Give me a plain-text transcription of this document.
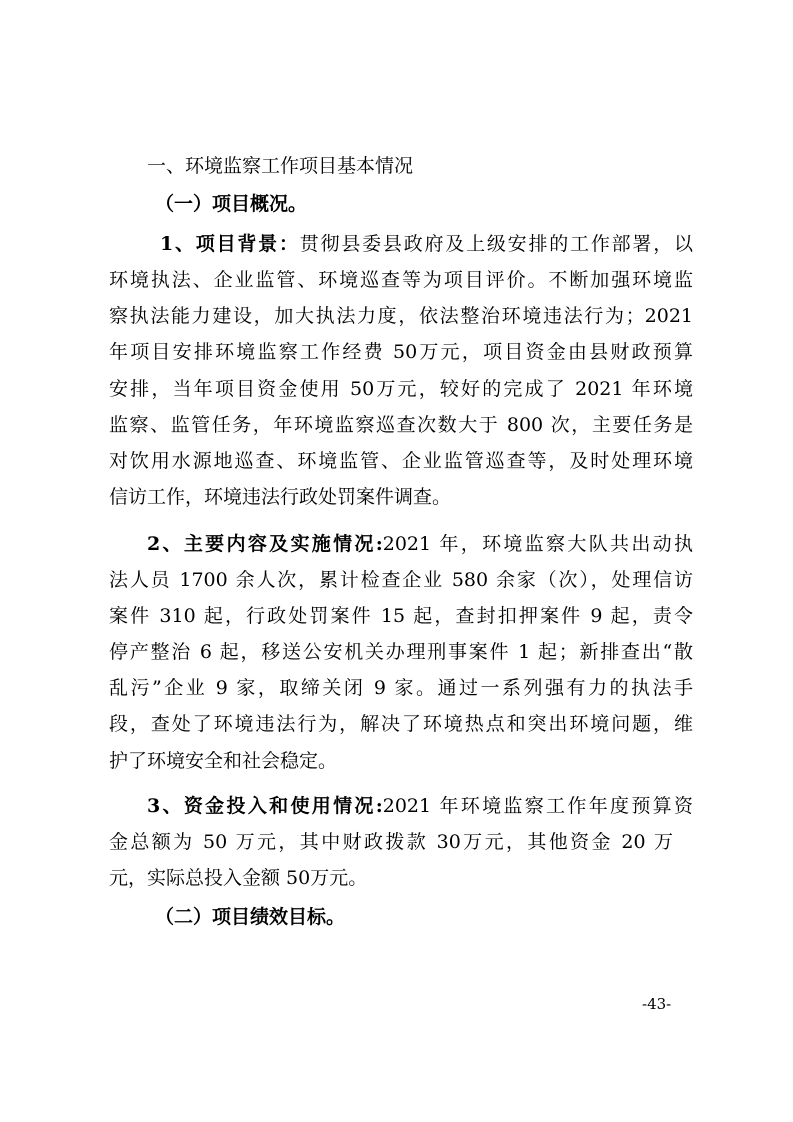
一、环境监察工作项目基本情况
（一）项目概况。
1、项目背景：贯彻县委县政府及上级安排的工作部署，以
环境执法、企业监管、环境巡查等为项目评价。不断加强环境监
察执法能力建设，加大执法力度，依法整治环境违法行为；2021
年项目安排环境监察工作经费 50万元，项目资金由县财政预算
安排，当年项目资金使用 50万元，较好的完成了 2021 年环境
监察、监管任务，年环境监察巡查次数大于 800 次，主要任务是
对饮用水源地巡查、环境监管、企业监管巡查等，及时处理环境
信访工作，环境违法行政处罚案件调查。
2、主要内容及实施情况:2021 年，环境监察大队共出动执
法人员 1700 余人次，累计检查企业 580 余家（次），处理信访
案件 310 起，行政处罚案件 15 起，查封扣押案件 9 起，责令
停产整治 6 起，移送公安机关办理刑事案件 1 起；新排查出“散
乱污”企业 9 家，取缔关闭 9 家。通过一系列强有力的执法手
段，查处了环境违法行为，解决了环境热点和突出环境问题，维
护了环境安全和社会稳定。
3、资金投入和使用情况:2021 年环境监察工作年度预算资
金总额为 50 万元，其中财政拨款 30万元，其他资金 20 万
元，实际总投入金额 50万元。
（二）项目绩效目标。
-43-
